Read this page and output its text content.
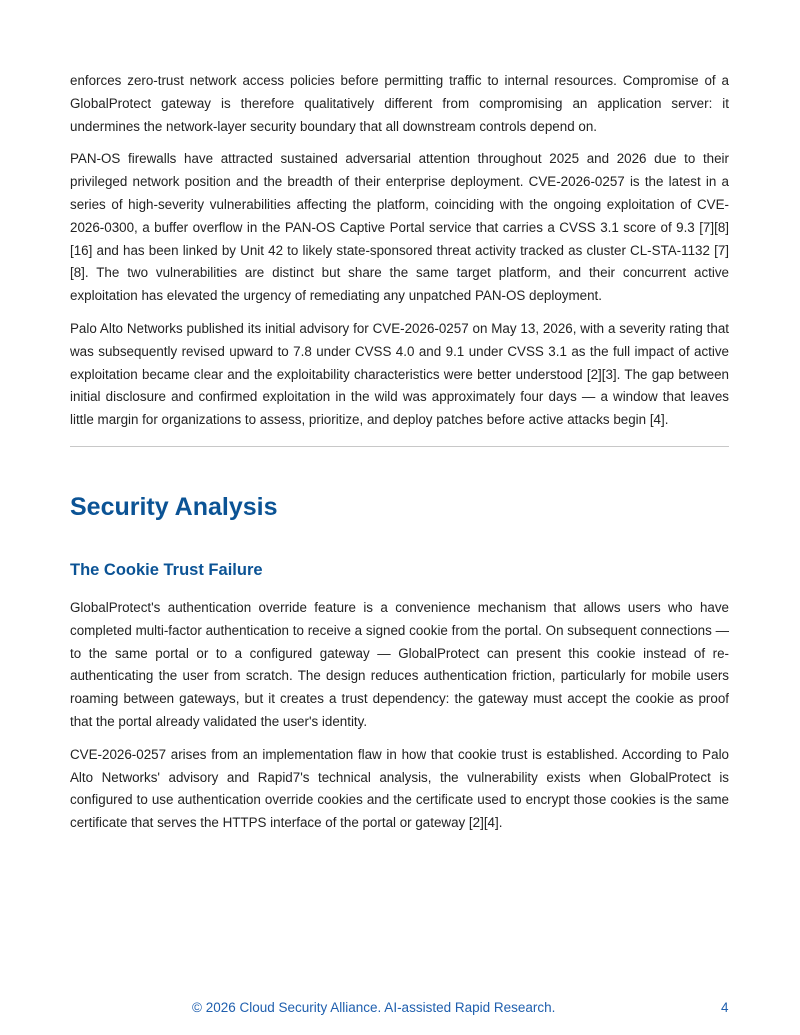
enforces zero-trust network access policies before permitting traffic to internal resources. Compromise of a GlobalProtect gateway is therefore qualitatively different from compromising an application server: it undermines the network-layer security boundary that all downstream controls depend on.

PAN-OS firewalls have attracted sustained adversarial attention throughout 2025 and 2026 due to their privileged network position and the breadth of their enterprise deployment. CVE-2026-0257 is the latest in a series of high-severity vulnerabilities affecting the platform, coinciding with the ongoing exploitation of CVE-2026-0300, a buffer overflow in the PAN-OS Captive Portal service that carries a CVSS 3.1 score of 9.3 [7][8][16] and has been linked by Unit 42 to likely state-sponsored threat activity tracked as cluster CL-STA-1132 [7][8]. The two vulnerabilities are distinct but share the same target platform, and their concurrent active exploitation has elevated the urgency of remediating any unpatched PAN-OS deployment.

Palo Alto Networks published its initial advisory for CVE-2026-0257 on May 13, 2026, with a severity rating that was subsequently revised upward to 7.8 under CVSS 4.0 and 9.1 under CVSS 3.1 as the full impact of active exploitation became clear and the exploitability characteristics were better understood [2][3]. The gap between initial disclosure and confirmed exploitation in the wild was approximately four days — a window that leaves little margin for organizations to assess, prioritize, and deploy patches before active attacks begin [4].

Security Analysis
The Cookie Trust Failure

GlobalProtect's authentication override feature is a convenience mechanism that allows users who have completed multi-factor authentication to receive a signed cookie from the portal. On subsequent connections — to the same portal or to a configured gateway — GlobalProtect can present this cookie instead of re-authenticating the user from scratch. The design reduces authentication friction, particularly for mobile users roaming between gateways, but it creates a trust dependency: the gateway must accept the cookie as proof that the portal already validated the user's identity.

CVE-2026-0257 arises from an implementation flaw in how that cookie trust is established. According to Palo Alto Networks' advisory and Rapid7's technical analysis, the vulnerability exists when GlobalProtect is configured to use authentication override cookies and the certificate used to encrypt those cookies is the same certificate that serves the HTTPS interface of the portal or gateway [2][4].

© 2026 Cloud Security Alliance. AI-assisted Rapid Research.	4
